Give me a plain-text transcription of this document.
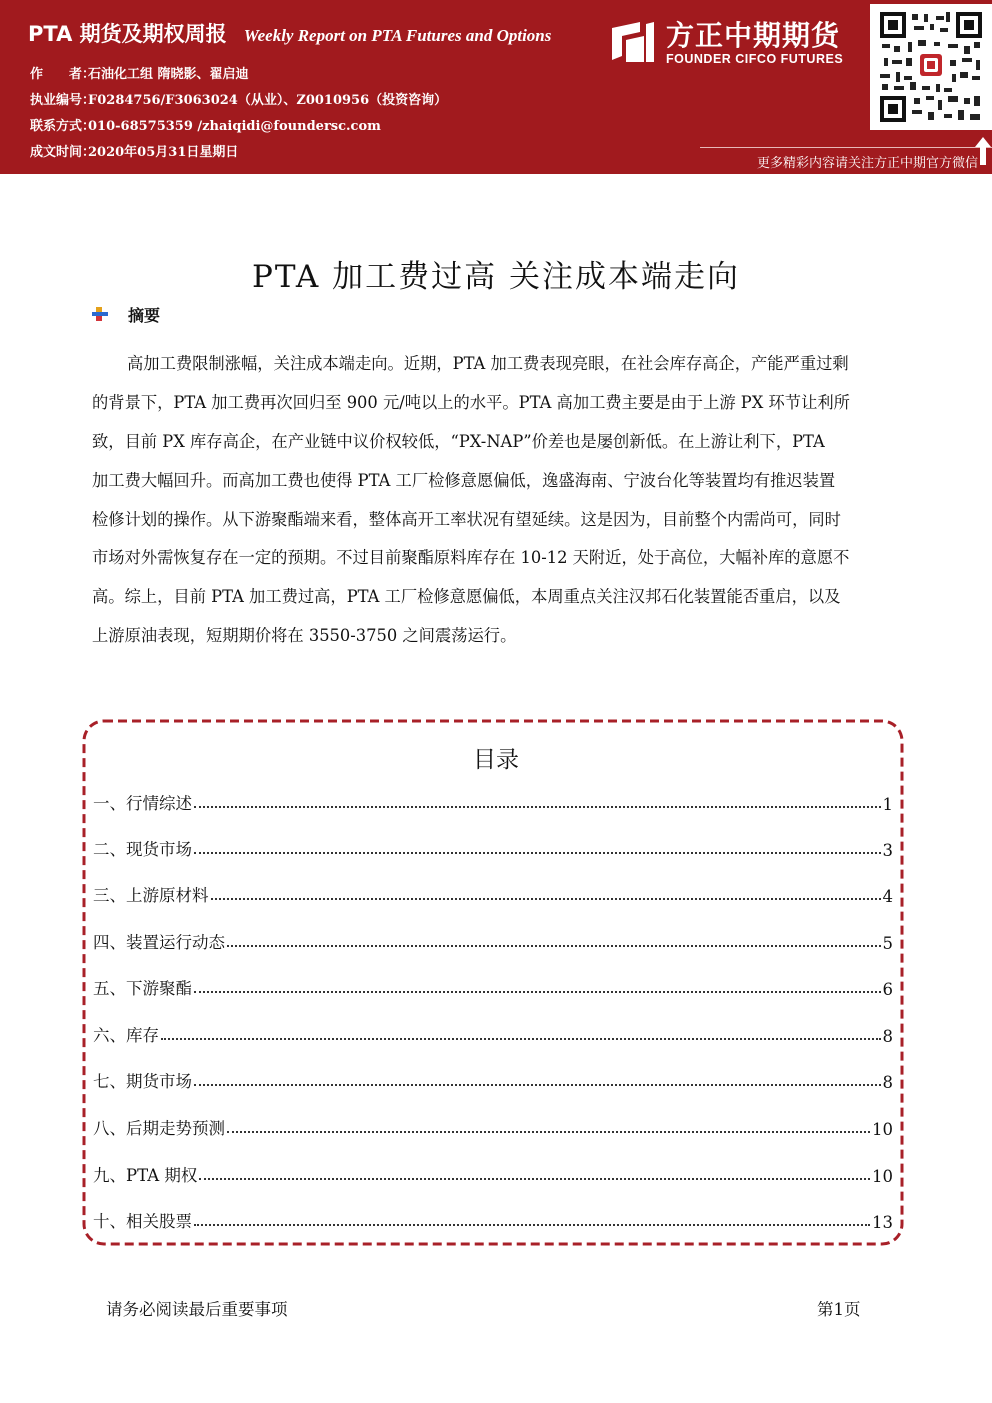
PTA 期货及期权周报 Weekly Report on PTA Futures and Options
作　　者：石油化工组 隋晓影、翟启迪
执业编号：F0284756/F3063024（从业）、Z0010956（投资咨询）
联系方式：010-68575359 /zhaiqidi@foundersc.com
成文时间：2020年05月31日星期日
方正中期期货
FOUNDER CIFCO FUTURES
更多精彩内容请关注方正中期官方微信
PTA 加工费过高 关注成本端走向
摘要
高加工费限制涨幅，关注成本端走向。近期，PTA 加工费表现亮眼，在社会库存高企，产能严重过剩
的背景下，PTA 加工费再次回归至 900 元/吨以上的水平。PTA 高加工费主要是由于上游 PX 环节让利所
致，目前 PX 库存高企，在产业链中议价权较低，“PX-NAP”价差也是屡创新低。在上游让利下，PTA
加工费大幅回升。而高加工费也使得 PTA 工厂检修意愿偏低，逸盛海南、宁波台化等装置均有推迟装置
检修计划的操作。从下游聚酯端来看，整体高开工率状况有望延续。这是因为，目前整个内需尚可，同时
市场对外需恢复存在一定的预期。不过目前聚酯原料库存在 10-12 天附近，处于高位，大幅补库的意愿不
高。综上，目前 PTA 加工费过高，PTA 工厂检修意愿偏低，本周重点关注汉邦石化装置能否重启，以及
上游原油表现，短期期价将在 3550-3750 之间震荡运行。
目录
一、行情综述	1
二、现货市场	3
三、上游原材料	4
四、装置运行动态	5
五、下游聚酯	6
六、库存	8
七、期货市场	8
八、后期走势预测	10
九、PTA 期权	10
十、相关股票	13
请务必阅读最后重要事项	第1页
